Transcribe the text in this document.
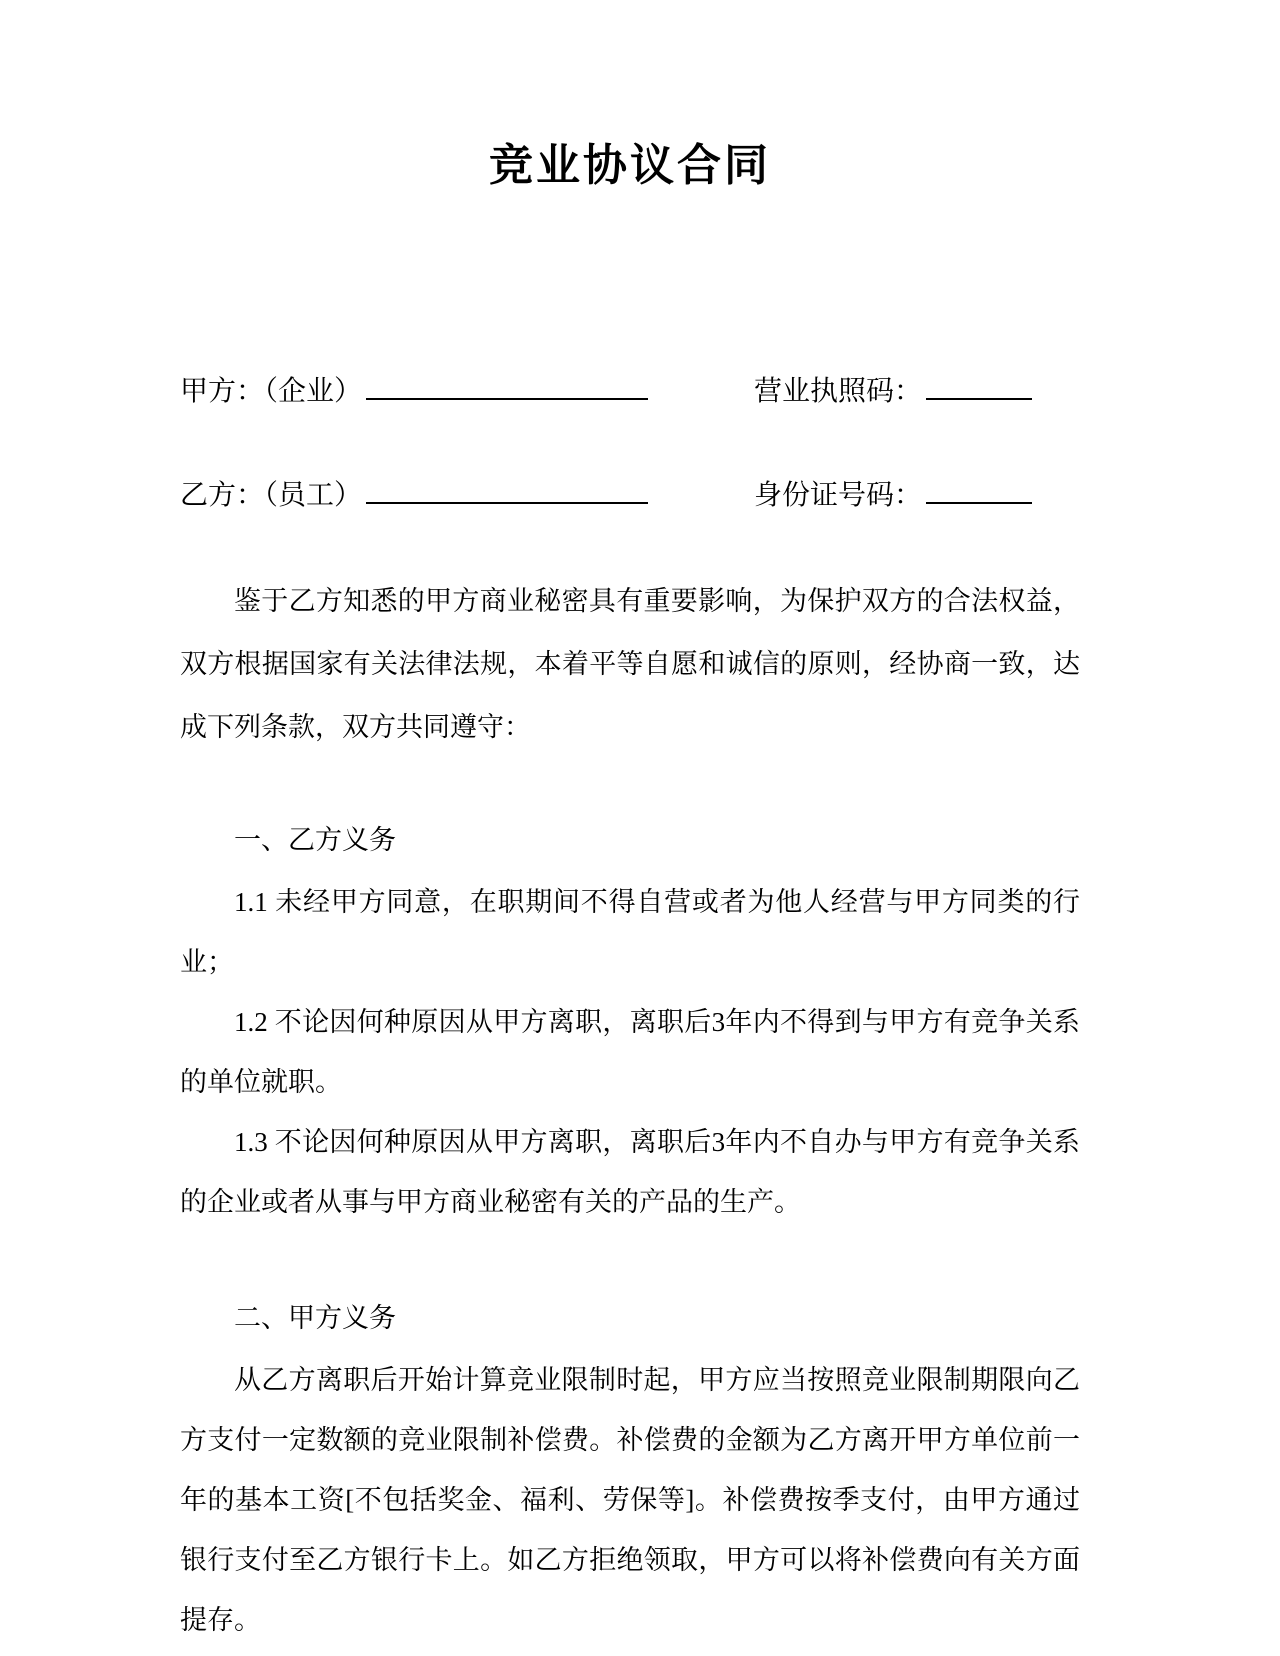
竞业协议合同
甲方：（企业）	营业执照码：
乙方：（员工）	身份证号码：

鉴于乙方知悉的甲方商业秘密具有重要影响，为保护双方的合法权益，双方根据国家有关法律法规，本着平等自愿和诚信的原则，经协商一致，达成下列条款，双方共同遵守：

一、乙方义务

1.1 未经甲方同意，在职期间不得自营或者为他人经营与甲方同类的行业；

1.2 不论因何种原因从甲方离职，离职后3年内不得到与甲方有竞争关系的单位就职。

1.3 不论因何种原因从甲方离职，离职后3年内不自办与甲方有竞争关系的企业或者从事与甲方商业秘密有关的产品的生产。

二、甲方义务

从乙方离职后开始计算竞业限制时起，甲方应当按照竞业限制期限向乙方支付一定数额的竞业限制补偿费。补偿费的金额为乙方离开甲方单位前一年的基本工资[不包括奖金、福利、劳保等]。补偿费按季支付，由甲方通过银行支付至乙方银行卡上。如乙方拒绝领取，甲方可以将补偿费向有关方面提存。
